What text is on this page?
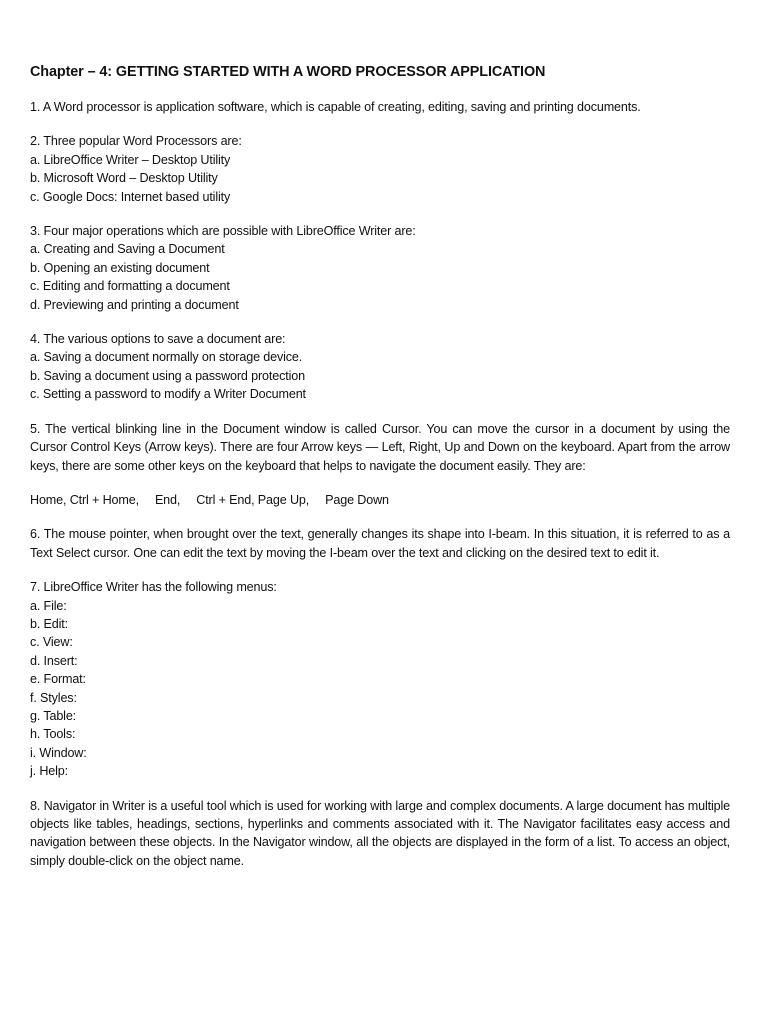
Chapter – 4: GETTING STARTED WITH A WORD PROCESSOR APPLICATION
1. A Word processor is application software, which is capable of creating, editing, saving and printing documents.
2. Three popular Word Processors are:
a. LibreOffice Writer – Desktop Utility
b. Microsoft Word – Desktop Utility
c. Google Docs: Internet based utility
3. Four major operations which are possible with LibreOffice Writer are:
a. Creating and Saving a Document
b. Opening an existing document
c. Editing and formatting a document
d. Previewing and printing a document
4. The various options to save a document are:
a. Saving a document normally on storage device.
b. Saving a document using a password protection
c. Setting a password to modify a Writer Document
5. The vertical blinking line in the Document window is called Cursor. You can move the cursor in a document by using the Cursor Control Keys (Arrow keys). There are four Arrow keys — Left, Right, Up and Down on the keyboard. Apart from the arrow keys, there are some other keys on the keyboard that helps to navigate the document easily. They are:
Home, Ctrl + Home, End, Ctrl + End, Page Up, Page Down
6. The mouse pointer, when brought over the text, generally changes its shape into I-beam. In this situation, it is referred to as a Text Select cursor. One can edit the text by moving the I-beam over the text and clicking on the desired text to edit it.
7. LibreOffice Writer has the following menus:
a. File:
b. Edit:
c. View:
d. Insert:
e. Format:
f. Styles:
g. Table:
h. Tools:
i. Window:
j. Help:
8. Navigator in Writer is a useful tool which is used for working with large and complex documents. A large document has multiple objects like tables, headings, sections, hyperlinks and comments associated with it. The Navigator facilitates easy access and navigation between these objects. In the Navigator window, all the objects are displayed in the form of a list. To access an object, simply double-click on the object name.
